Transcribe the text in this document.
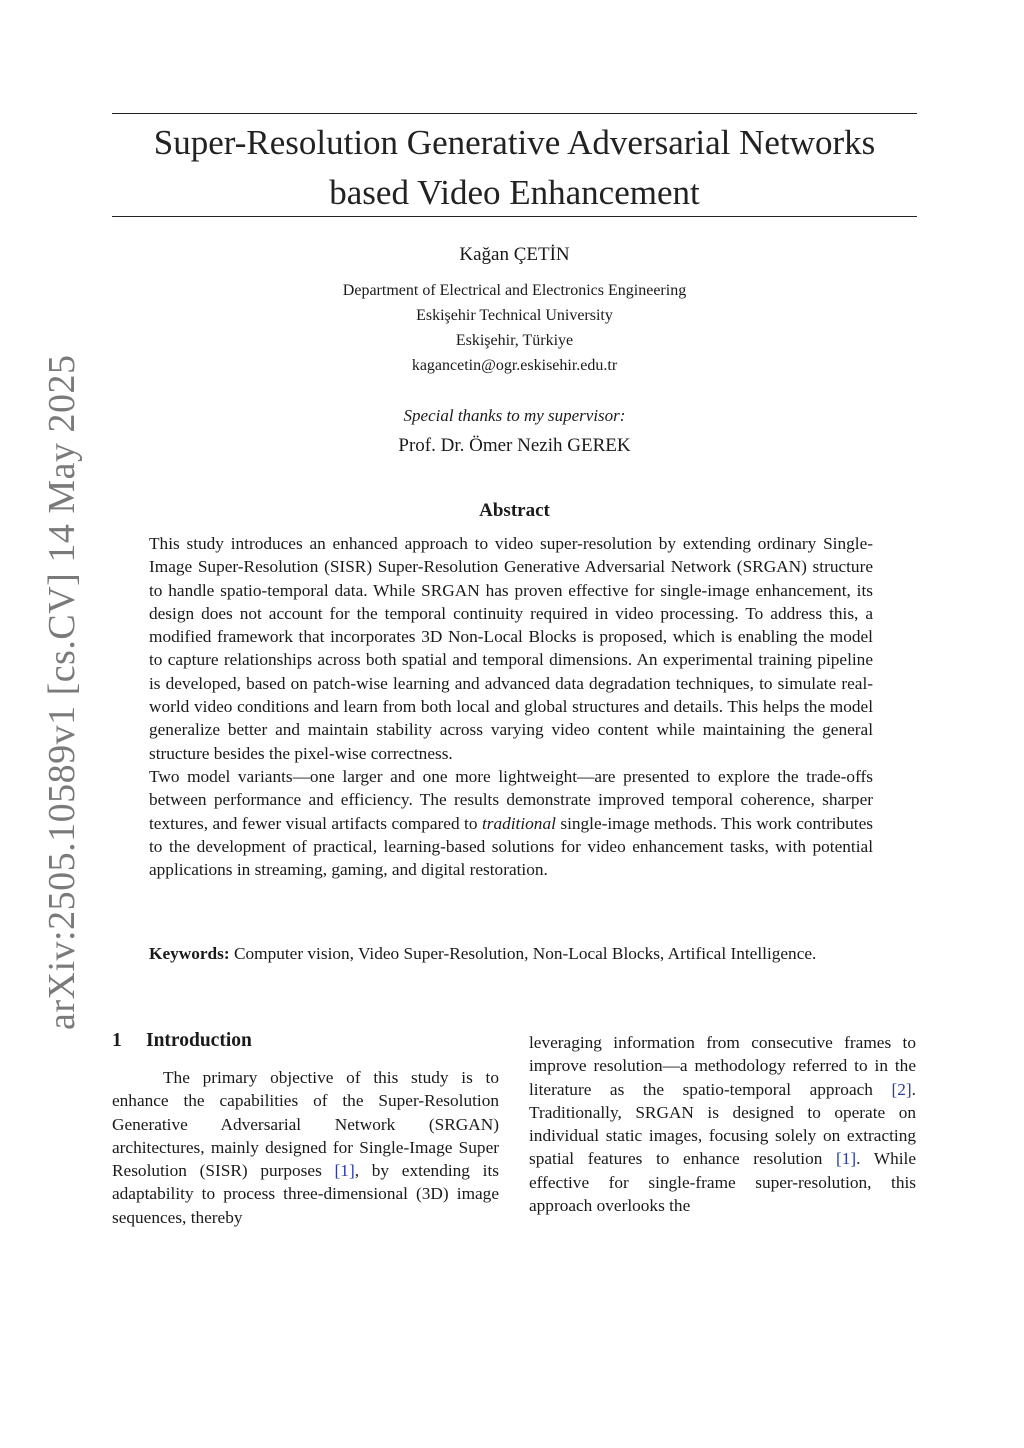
Super-Resolution Generative Adversarial Networks
based Video Enhancement
Kağan ÇETİN
Department of Electrical and Electronics Engineering
Eskişehir Technical University
Eskişehir, Türkiye
kagancetin@ogr.eskisehir.edu.tr
Special thanks to my supervisor:
Prof. Dr. Ömer Nezih GEREK
Abstract

This study introduces an enhanced approach to video super-resolution by extending ordinary Single-Image Super-Resolution (SISR) Super-Resolution Generative Adversarial Network (SRGAN) structure to handle spatio-temporal data. While SRGAN has proven effective for single-image enhancement, its design does not account for the temporal continuity required in video processing. To address this, a modified framework that incorporates 3D Non-Local Blocks is proposed, which is enabling the model to capture relationships across both spatial and temporal dimensions. An experimental training pipeline is developed, based on patch-wise learning and advanced data degradation techniques, to simulate real-world video conditions and learn from both local and global structures and details. This helps the model generalize better and maintain stability across varying video content while maintaining the general structure besides the pixel-wise correctness.

Two model variants—one larger and one more lightweight—are presented to explore the trade-offs between performance and efficiency. The results demonstrate improved temporal coherence, sharper textures, and fewer visual artifacts compared to traditional single-image methods. This work contributes to the development of practical, learning-based solutions for video enhancement tasks, with potential applications in streaming, gaming, and digital restoration.

Keywords: Computer vision, Video Super-Resolution, Non-Local Blocks, Artifical Intelligence.

1 Introduction

The primary objective of this study is to enhance the capabilities of the Super-Resolution Generative Adversarial Network (SRGAN) architectures, mainly designed for Single-Image Super Resolution (SISR) purposes [1], by extending its adaptability to process three-dimensional (3D) image sequences, thereby

leveraging information from consecutive frames to improve resolution—a methodology referred to in the literature as the spatio-temporal approach [2]. Traditionally, SRGAN is designed to operate on individual static images, focusing solely on extracting spatial features to enhance resolution [1]. While effective for single-frame super-resolution, this approach overlooks the

arXiv:2505.10589v1 [cs.CV] 14 May 2025
